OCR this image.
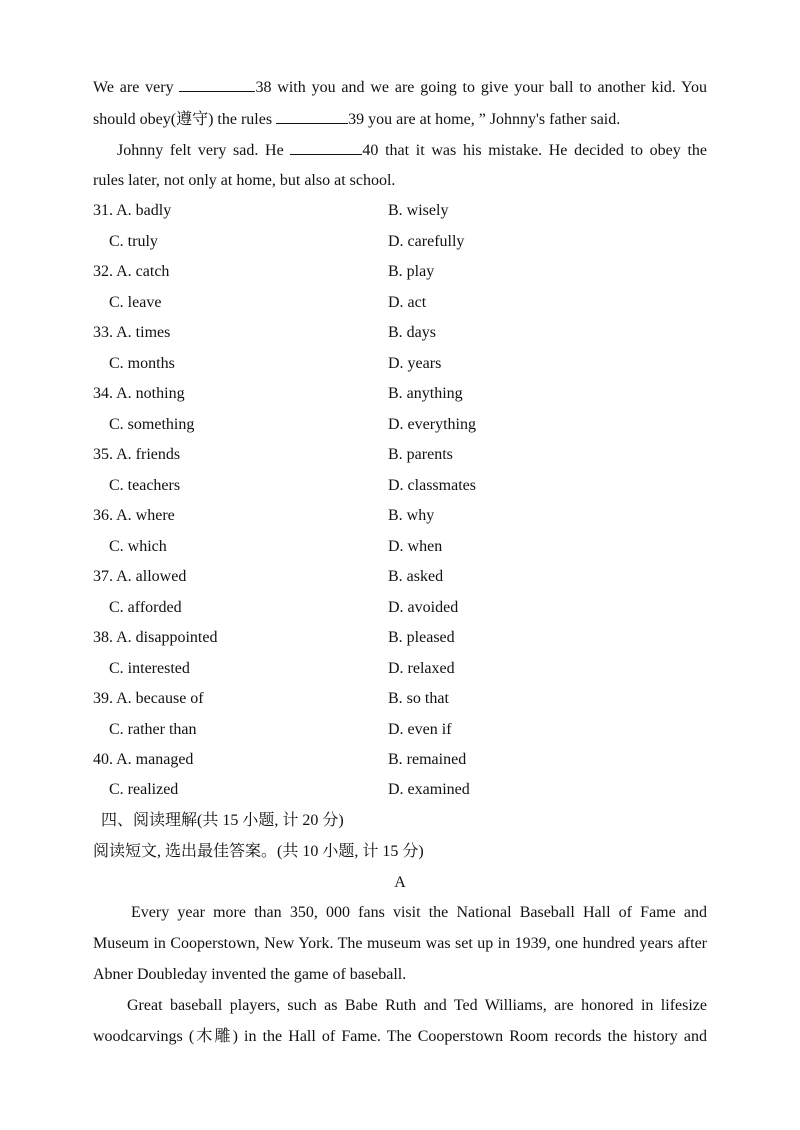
We are very	38 with you and we are going to give your ball to another kid. You
should obey(遵守) the rules	39 you are at home, ” Johnny's father said.
Johnny felt very sad. He	40 that it was his mistake. He decided to obey the
rules later, not only at home, but also at school.
31. A. badly	B. wisely
C. truly	D. carefully
32. A. catch	B. play
C. leave	D. act
33. A. times	B. days
C. months	D. years
34. A. nothing	B. anything
C. something	D. everything
35. A. friends	B. parents
C. teachers	D. classmates
36. A. where	B. why
C. which	D. when
37. A. allowed	B. asked
C. afforded	D. avoided
38. A. disappointed	B. pleased
C. interested	D. relaxed
39. A. because of	B. so that
C. rather than	D. even if
40. A. managed	B. remained
C. realized	D. examined
四、阅读理解(共 15 小题, 计 20 分)
阅读短文, 选出最佳答案。(共 10 小题, 计 15 分)
A
Every year more than 350, 000 fans visit the National Baseball Hall of Fame and
Museum in Cooperstown, New York. The museum was set up in 1939, one hundred years after
Abner Doubleday invented the game of baseball.
Great baseball players, such as Babe Ruth and Ted Williams, are honored in lifesize
woodcarvings (木雕) in the Hall of Fame. The Cooperstown Room records the history and
